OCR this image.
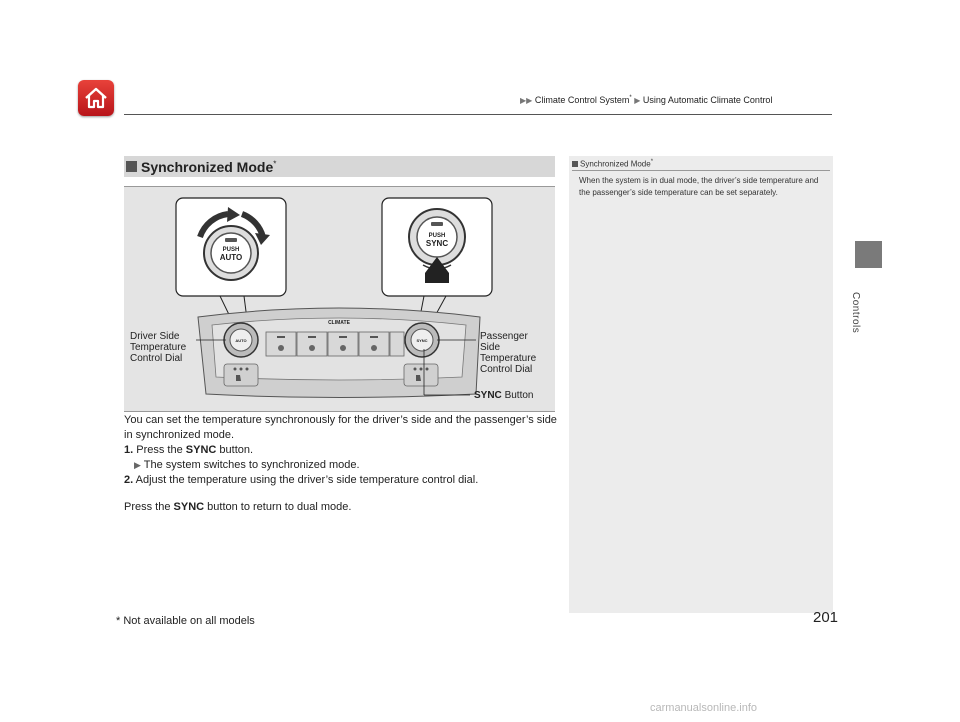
▶▶ Climate Control System* ▶ Using Automatic Climate Control
Controls
Synchronized Mode*
PUSH
AUTO
PUSH
SYNC
AUTO	SYNC
CLIMATE
Driver Side Temperature Control Dial
Passenger Side Temperature Control Dial
SYNC Button

You can set the temperature synchronously for the driver’s side and the passenger’s side in synchronized mode.

1. Press the SYNC button.

▶ The system switches to synchronized mode.

2. Adjust the temperature using the driver’s side temperature control dial.

Press the SYNC button to return to dual mode.

Synchronized Mode*
When the system is in dual mode, the driver’s side temperature and the passenger’s side temperature can be set separately.
* Not available on all models	201
carmanualsonline.info
